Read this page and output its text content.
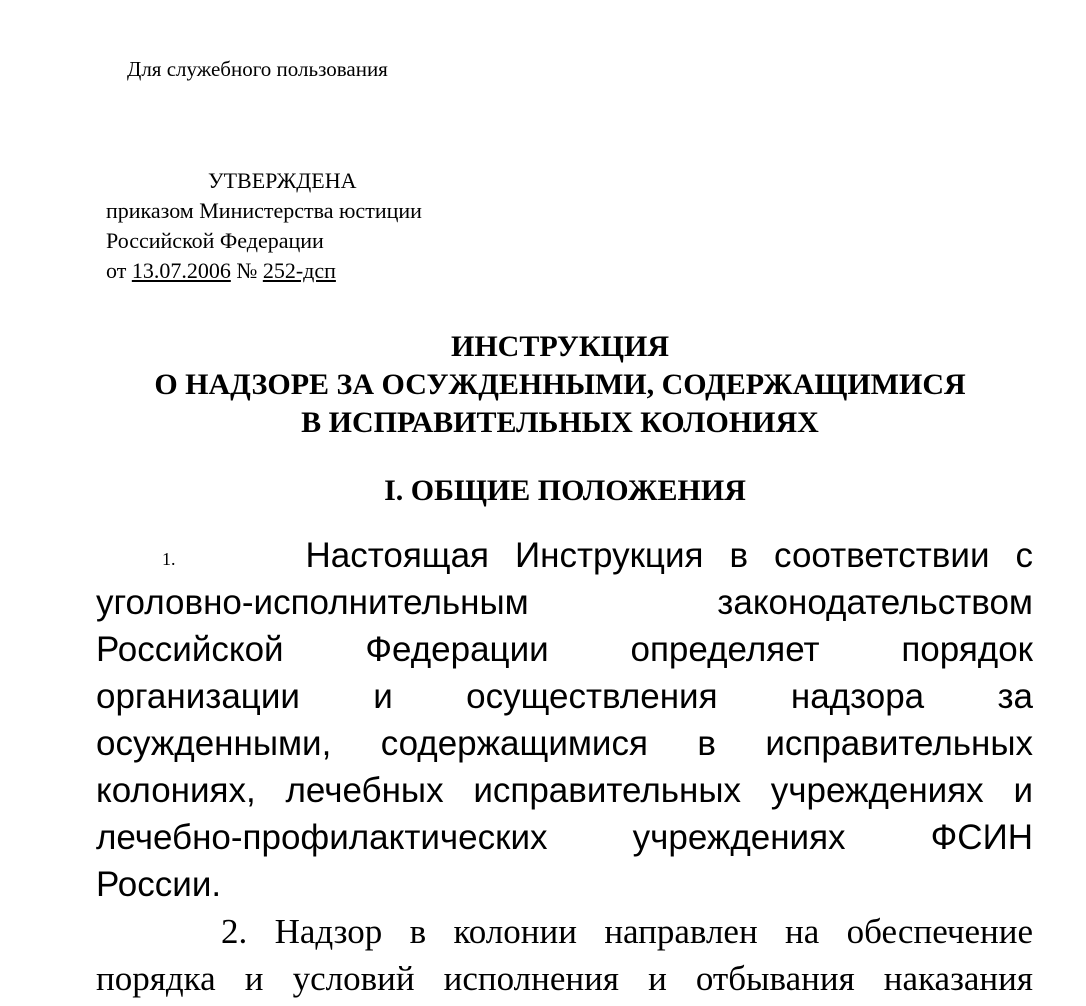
Для служебного пользования
УТВЕРЖДЕНА
приказом Министерства юстиции
Российской Федерации
от 13.07.2006 № 252-дсп
ИНСТРУКЦИЯ
О НАДЗОРЕ ЗА ОСУЖДЕННЫМИ, СОДЕРЖАЩИМИСЯ
В ИСПРАВИТЕЛЬНЫХ КОЛОНИЯХ
I. ОБЩИЕ ПОЛОЖЕНИЯ
1.	Настоящая Инструкция в соответствии с
уголовно-исполнительным законодательством
Российской Федерации определяет порядок
организации и осуществления надзора за
осужденными, содержащимися в исправительных
колониях, лечебных исправительных учреждениях и
лечебно-профилактических учреждениях ФСИН
России.
2. Надзор в колонии направлен на обеспечение
порядка и условий исполнения и отбывания наказания
